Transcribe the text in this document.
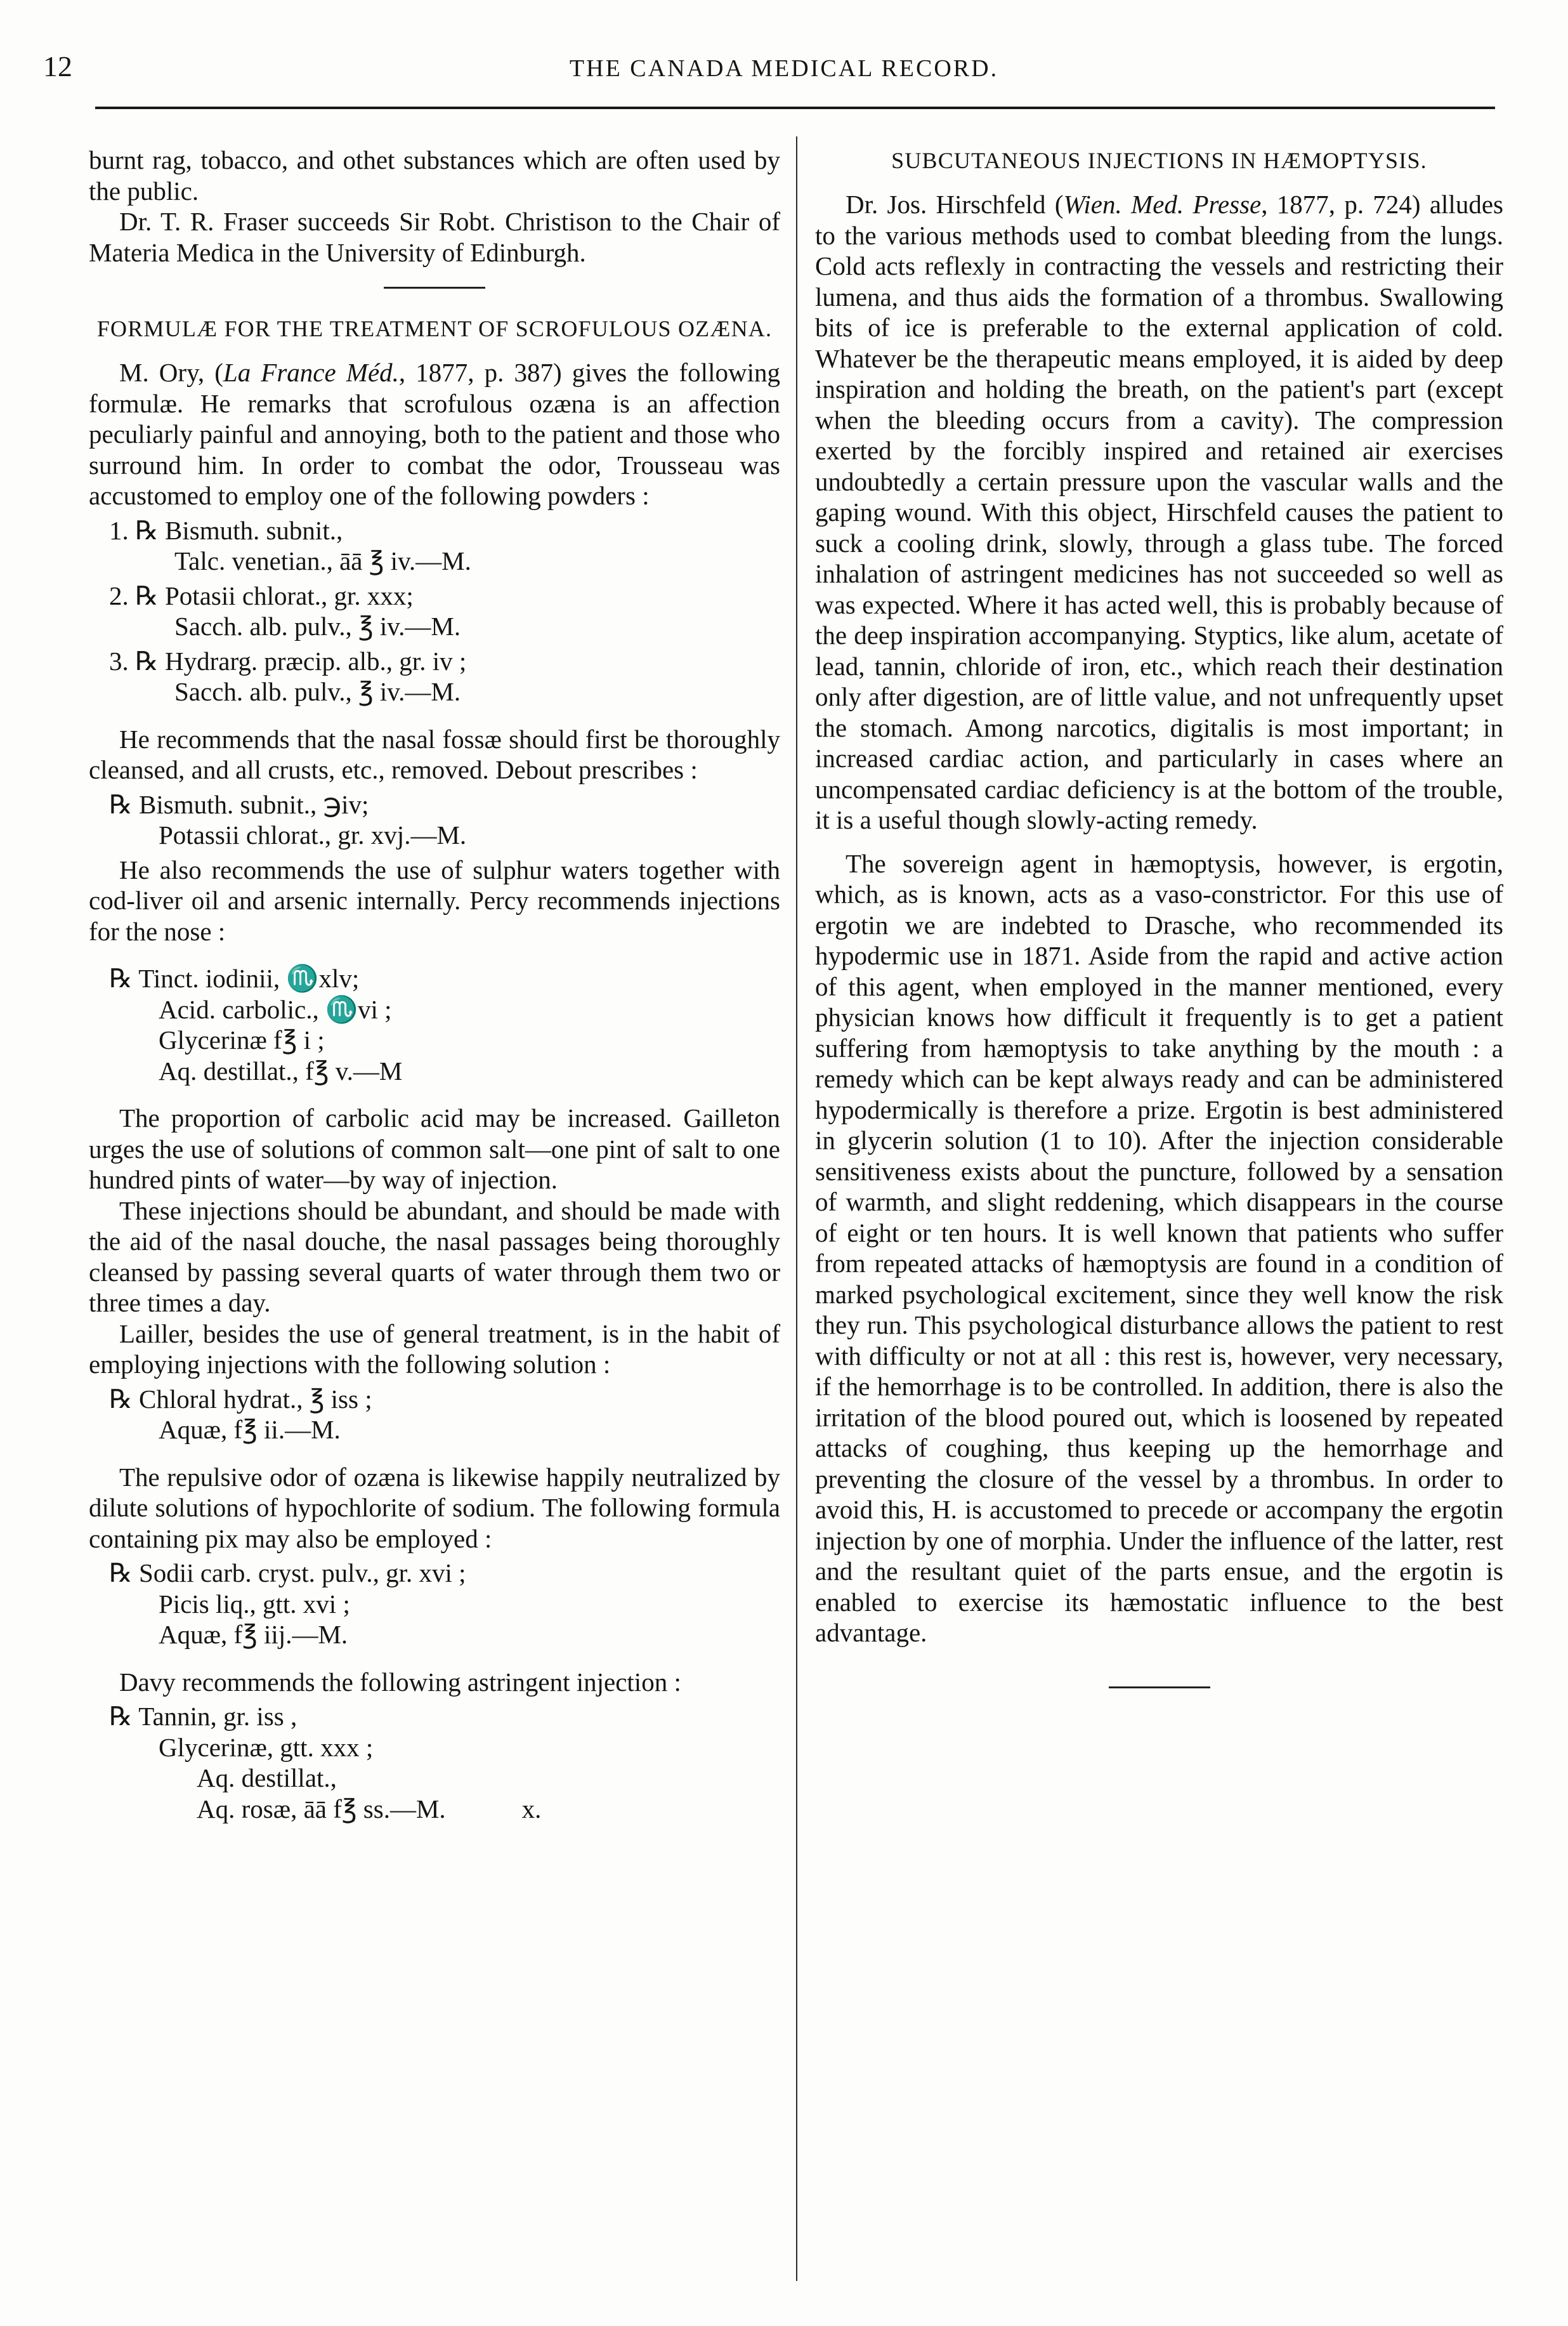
12	THE CANADA MEDICAL RECORD.

burnt rag, tobacco, and othet substances which are often used by the public.

Dr. T. R. Fraser succeeds Sir Robt. Christison to the Chair of Materia Medica in the University of Edinburgh.

FORMULÆ FOR THE TREATMENT OF SCROFULOUS OZÆNA.

M. Ory, (La France Méd., 1877, p. 387) gives the following formulæ. He remarks that scrofulous ozæna is an affection peculiarly painful and annoying, both to the patient and those who surround him. In order to combat the odor, Trousseau was accustomed to employ one of the following powders :

1. ℞ Bismuth. subnit.,
Talc. venetian., āā ℥ iv.—M.
2. ℞ Potasii chlorat., gr. xxx;
Sacch. alb. pulv., ℥ iv.—M.
3. ℞ Hydrarg. præcip. alb., gr. iv ;
Sacch. alb. pulv., ℥ iv.—M.

He recommends that the nasal fossæ should first be thoroughly cleansed, and all crusts, etc., removed. Debout prescribes :

℞ Bismuth. subnit., ℈iv;
Potassii chlorat., gr. xvj.—M.

He also recommends the use of sulphur waters together with cod-liver oil and arsenic internally. Percy recommends injections for the nose :

℞ Tinct. iodinii, ♏xlv;
Acid. carbolic., ♏vi ;
Glycerinæ f℥ i ;
Aq. destillat., f℥ v.—M

The proportion of carbolic acid may be increased. Gailleton urges the use of solutions of common salt—one pint of salt to one hundred pints of water—by way of injection.

These injections should be abundant, and should be made with the aid of the nasal douche, the nasal passages being thoroughly cleansed by passing several quarts of water through them two or three times a day.

Lailler, besides the use of general treatment, is in the habit of employing injections with the following solution :

℞ Chloral hydrat., ℥ iss ;
Aquæ, f℥ ii.—M.

The repulsive odor of ozæna is likewise happily neutralized by dilute solutions of hypochlorite of sodium. The following formula containing pix may also be employed :

℞ Sodii carb. cryst. pulv., gr. xvi ;
Picis liq., gtt. xvi ;
Aquæ, f℥ iij.—M.

Davy recommends the following astringent injection :

℞ Tannin, gr. iss ,
Glycerinæ, gtt. xxx ;
Aq. destillat.,
Aq. rosæ, āā f℥ ss.—M.	x.

SUBCUTANEOUS INJECTIONS IN HÆMOPTYSIS.

Dr. Jos. Hirschfeld (Wien. Med. Presse, 1877, p. 724) alludes to the various methods used to combat bleeding from the lungs. Cold acts reflexly in contracting the vessels and restricting their lumena, and thus aids the formation of a thrombus. Swallowing bits of ice is preferable to the external application of cold. Whatever be the therapeutic means employed, it is aided by deep inspiration and holding the breath, on the patient's part (except when the bleeding occurs from a cavity). The compression exerted by the forcibly inspired and retained air exercises undoubtedly a certain pressure upon the vascular walls and the gaping wound. With this object, Hirschfeld causes the patient to suck a cooling drink, slowly, through a glass tube. The forced inhalation of astringent medicines has not succeeded so well as was expected. Where it has acted well, this is probably because of the deep inspiration accompanying. Styptics, like alum, acetate of lead, tannin, chloride of iron, etc., which reach their destination only after digestion, are of little value, and not unfrequently upset the stomach. Among narcotics, digitalis is most important; in increased cardiac action, and particularly in cases where an uncompensated cardiac deficiency is at the bottom of the trouble, it is a useful though slowly-acting remedy.

The sovereign agent in hæmoptysis, however, is ergotin, which, as is known, acts as a vaso-constrictor. For this use of ergotin we are indebted to Drasche, who recommended its hypodermic use in 1871. Aside from the rapid and active action of this agent, when employed in the manner mentioned, every physician knows how difficult it frequently is to get a patient suffering from hæmoptysis to take anything by the mouth : a remedy which can be kept always ready and can be administered hypodermically is therefore a prize. Ergotin is best administered in glycerin solution (1 to 10). After the injection considerable sensitiveness exists about the puncture, followed by a sensation of warmth, and slight reddening, which disappears in the course of eight or ten hours. It is well known that patients who suffer from repeated attacks of hæmoptysis are found in a condition of marked psychological excitement, since they well know the risk they run. This psychological disturbance allows the patient to rest with difficulty or not at all : this rest is, however, very necessary, if the hemorrhage is to be controlled. In addition, there is also the irritation of the blood poured out, which is loosened by repeated attacks of coughing, thus keeping up the hemorrhage and preventing the closure of the vessel by a thrombus. In order to avoid this, H. is accustomed to precede or accompany the ergotin injection by one of morphia. Under the influence of the latter, rest and the resultant quiet of the parts ensue, and the ergotin is enabled to exercise its hæmostatic influence to the best advantage.
